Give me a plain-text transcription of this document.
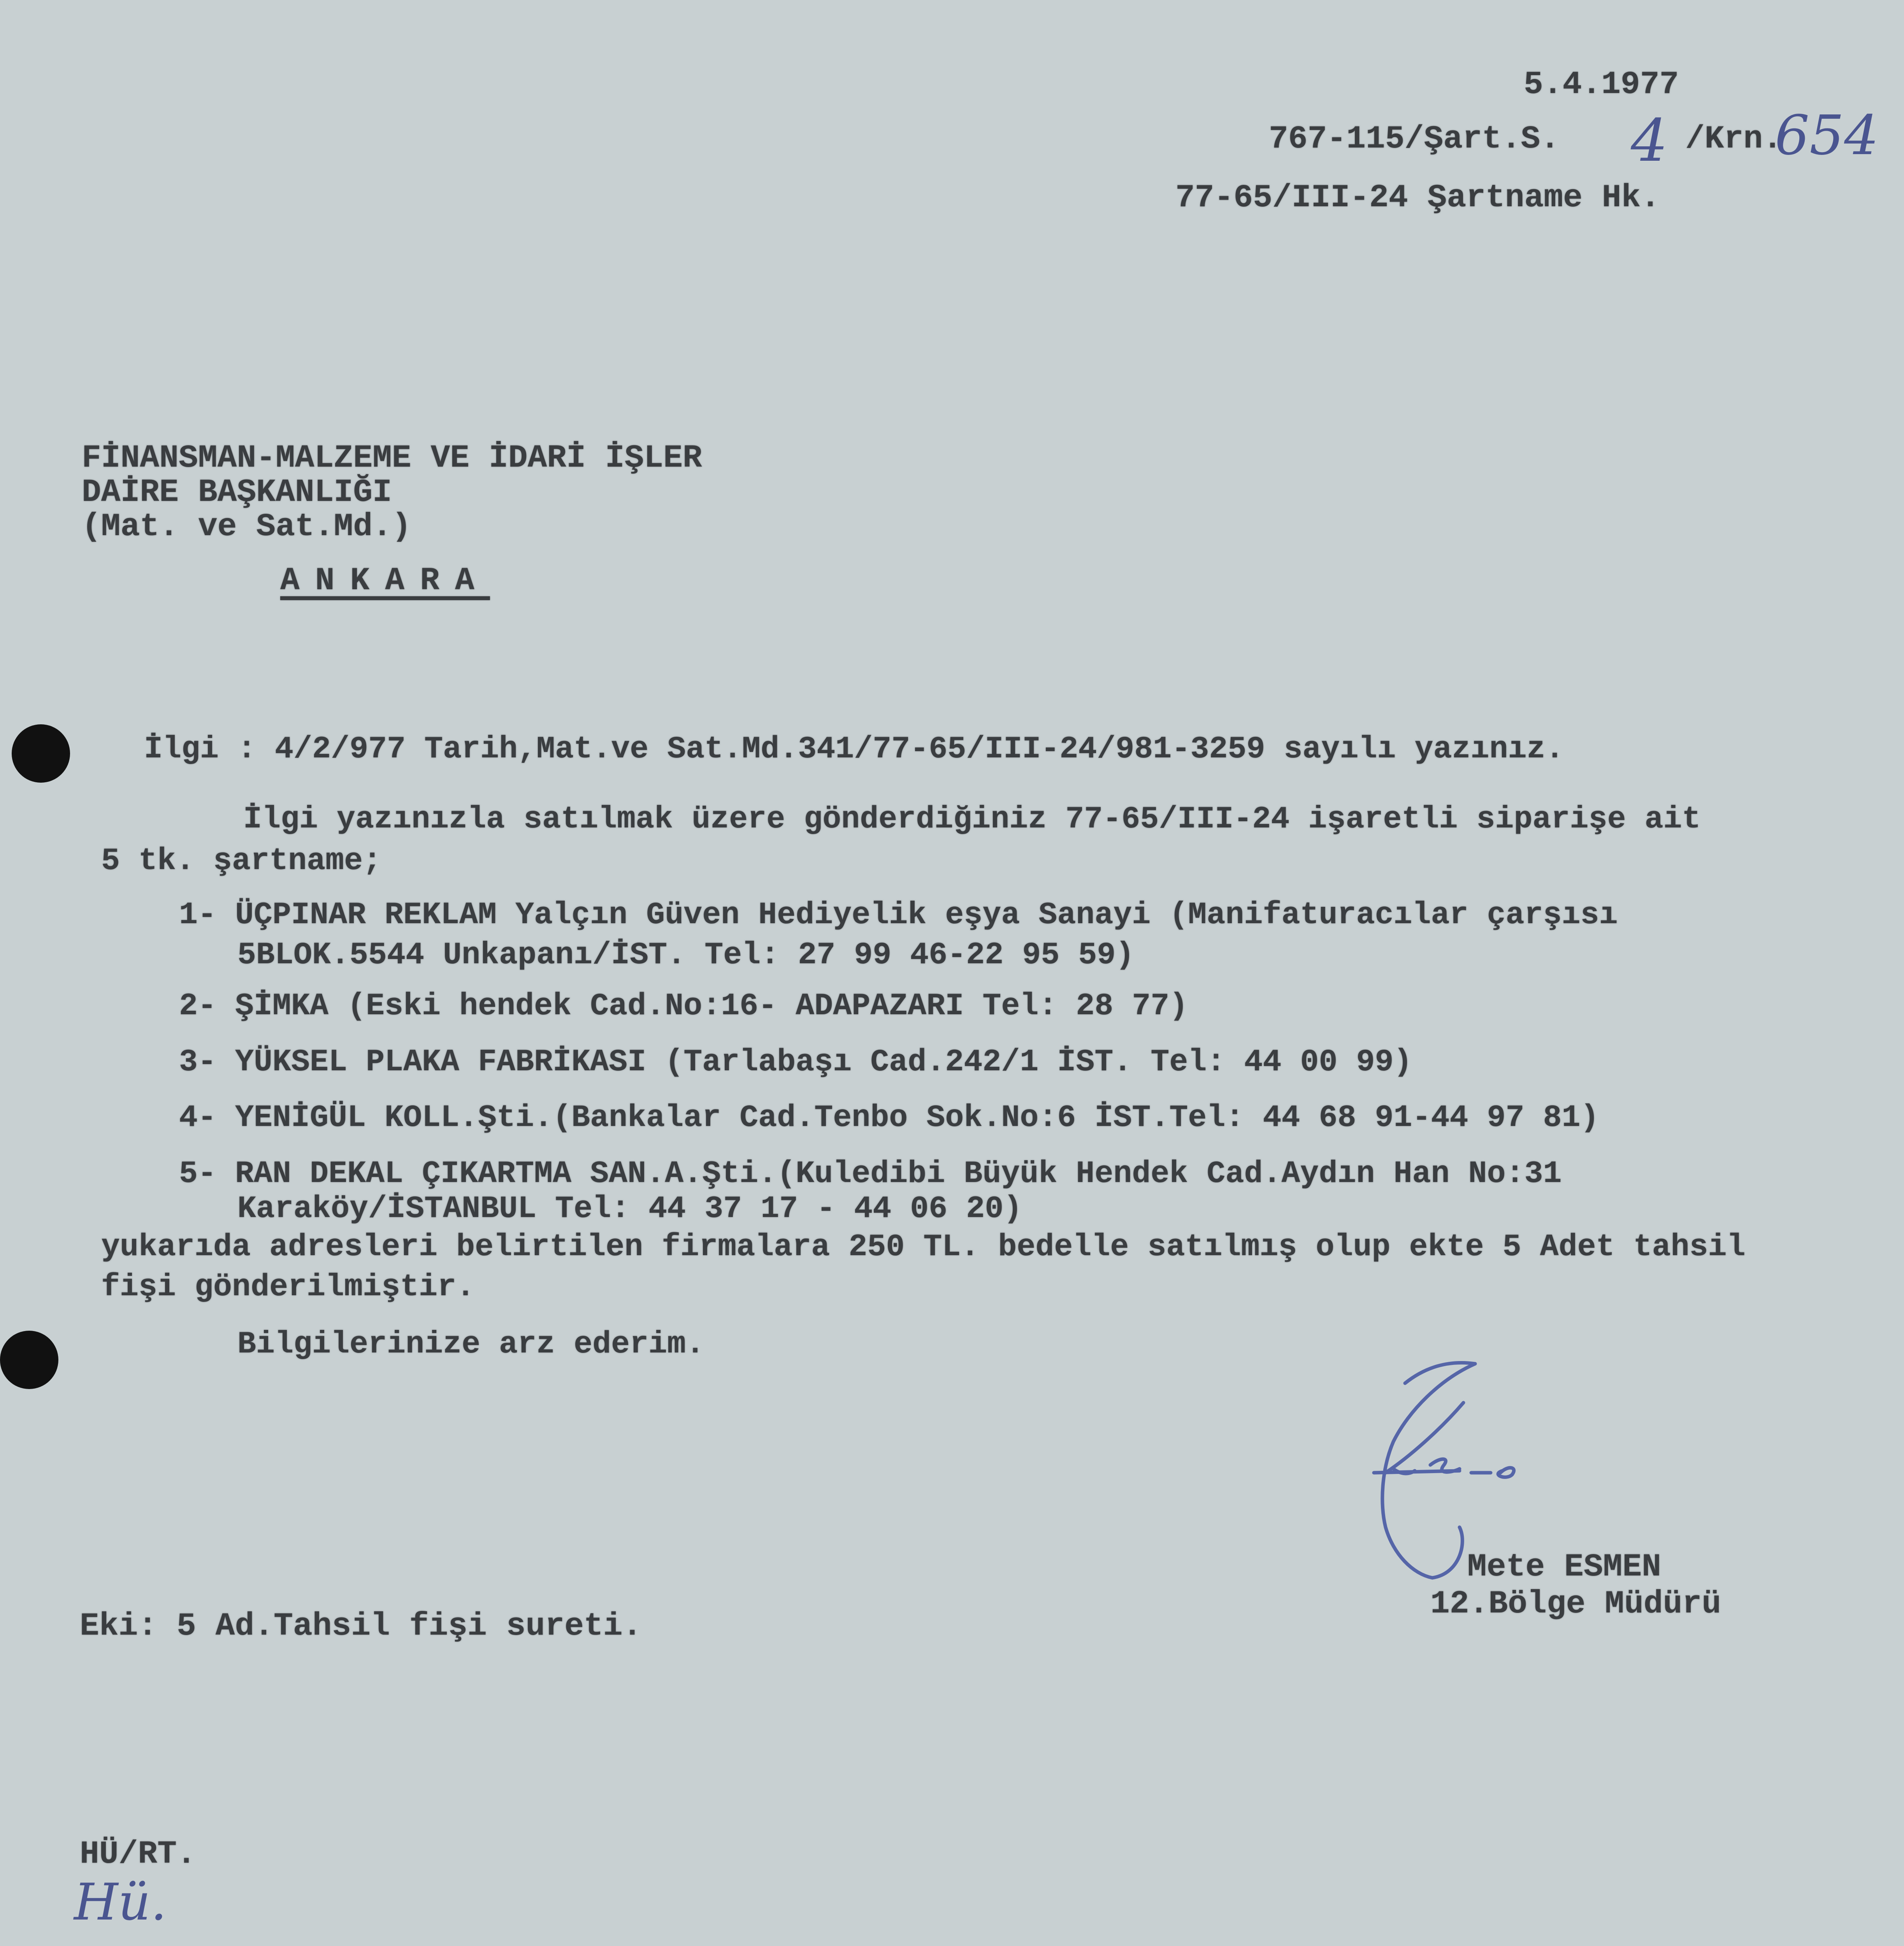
5.4.1977
767-115/Şart.S. 4 /Krn.
654
77-65/III-24 Şartname Hk.
FİNANSMAN-MALZEME VE İDARİ İŞLER
DAİRE BAŞKANLIĞI
(Mat. ve Sat.Md.)
ANKARA
İlgi : 4/2/977 Tarih,Mat.ve Sat.Md.341/77-65/III-24/981-3259 sayılı yazınız.
İlgi yazınızla satılmak üzere gönderdiğiniz 77-65/III-24 işaretli siparişe ait
5 tk. şartname;
1- ÜÇPINAR REKLAM Yalçın Güven Hediyelik eşya Sanayi (Manifaturacılar çarşısı
5BLOK.5544 Unkapanı/İST. Tel: 27 99 46-22 95 59)
2- ŞİMKA (Eski hendek Cad.No:16- ADAPAZARI Tel: 28 77)
3- YÜKSEL PLAKA FABRİKASI (Tarlabaşı Cad.242/1 İST. Tel: 44 00 99)
4- YENİGÜL KOLL.Şti.(Bankalar Cad.Tenbo Sok.No:6 İST.Tel: 44 68 91-44 97 81)
5- RAN DEKAL ÇIKARTMA SAN.A.Şti.(Kuledibi Büyük Hendek Cad.Aydın Han No:31
Karaköy/İSTANBUL Tel: 44 37 17 - 44 06 20)
yukarıda adresleri belirtilen firmalara 250 TL. bedelle satılmış olup ekte 5 Adet tahsil
fişi gönderilmiştir.
Bilgilerinize arz ederim.
Mete ESMEN
12.Bölge Müdürü
Eki: 5 Ad.Tahsil fişi sureti.
HÜ/RT.
Hü.
